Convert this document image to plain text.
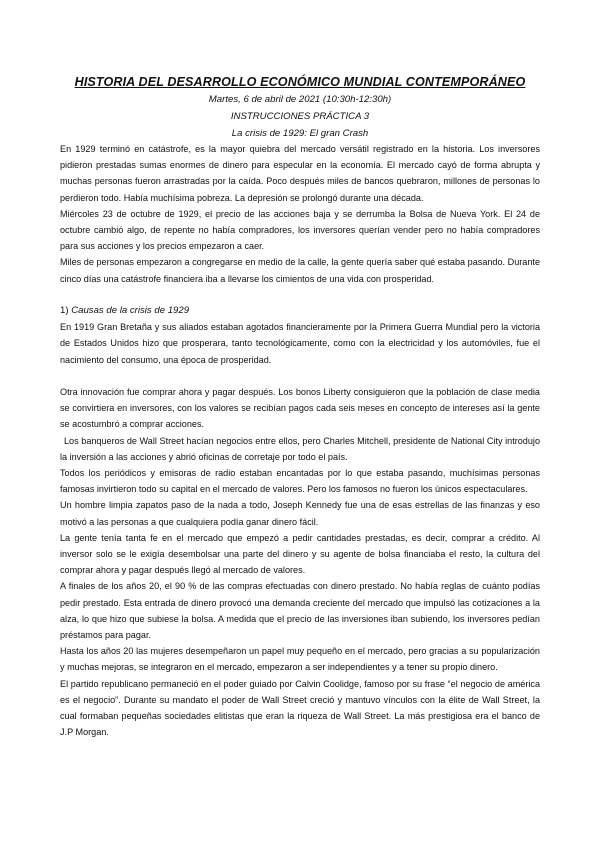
HISTORIA DEL DESARROLLO ECONÓMICO MUNDIAL CONTEMPORÁNEO

Martes, 6 de abril de 2021 (10:30h-12:30h)

INSTRUCCIONES PRÁCTICA 3

La crisis de 1929: El gran Crash

En 1929 terminó en catástrofe, es la mayor quiebra del mercado versátil registrado en la historia. Los inversores pidieron prestadas sumas enormes de dinero para especular en la economía. El mercado cayó de forma abrupta y muchas personas fueron arrastradas por la caída. Poco después miles de bancos quebraron, millones de personas lo perdieron todo. Había muchísima pobreza. La depresión se prolongó durante una década.

Miércoles 23 de octubre de 1929, el precio de las acciones baja y se derrumba la Bolsa de Nueva York. El 24 de octubre cambió algo, de repente no había compradores, los inversores querían vender pero no había compradores para sus acciones y los precios empezaron a caer.

Miles de personas empezaron a congregarse en medio de la calle, la gente quería saber qué estaba pasando. Durante cinco días una catástrofe financiera iba a llevarse los cimientos de una vida con prosperidad.

1) Causas de la crisis de 1929

En 1919 Gran Bretaña y sus aliados estaban agotados financieramente por la Primera Guerra Mundial pero la victoria de Estados Unidos hizo que prosperara, tanto tecnológicamente, como con la electricidad y los automóviles, fue el nacimiento del consumo, una época de prosperidad.

Otra innovación fue comprar ahora y pagar después. Los bonos Liberty consiguieron que la población de clase media se convirtiera en inversores, con los valores se recibían pagos cada seis meses en concepto de intereses así la gente se acostumbró a comprar acciones.

Los banqueros de Wall Street hacían negocios entre ellos, pero Charles Mitchell, presidente de National City introdujo la inversión a las acciones y abrió oficinas de corretaje por todo el país.

Todos los periódicos y emisoras de radio estaban encantadas por lo que estaba pasando, muchísimas personas famosas invirtieron todo su capital en el mercado de valores. Pero los famosos no fueron los únicos espectaculares.

Un hombre limpia zapatos paso de la nada a todo, Joseph Kennedy fue una de esas estrellas de las finanzas y eso motivó a las personas a que cualquiera podía ganar dinero fácil.

La gente tenía tanta fe en el mercado que empezó a pedir cantidades prestadas, es decir, comprar a crédito. Al inversor solo se le exigía desembolsar una parte del dinero y su agente de bolsa financiaba el resto, la cultura del comprar ahora y pagar después llegó al mercado de valores.

A finales de los años 20, el 90 % de las compras efectuadas con dinero prestado. No había reglas de cuánto podías pedir prestado. Esta entrada de dinero provocó una demanda creciente del mercado que impulsó las cotizaciones a la alza, lo que hizo que subiese la bolsa. A medida que el precio de las inversiones iban subiendo, los inversores pedían préstamos para pagar.

Hasta los años 20 las mujeres desempeñaron un papel muy pequeño en el mercado, pero gracias a su popularización y muchas mejoras, se integraron en el mercado, empezaron a ser independientes y a tener su propio dinero.

El partido republicano permaneció en el poder guiado por Calvin Coolidge, famoso por su frase “el negocio de américa es el negocio”. Durante su mandato el poder de Wall Street creció y mantuvo vínculos con la élite de Wall Street, la cual formaban pequeñas sociedades elitistas que eran la riqueza de Wall Street. La más prestigiosa era el banco de J.P Morgan.
